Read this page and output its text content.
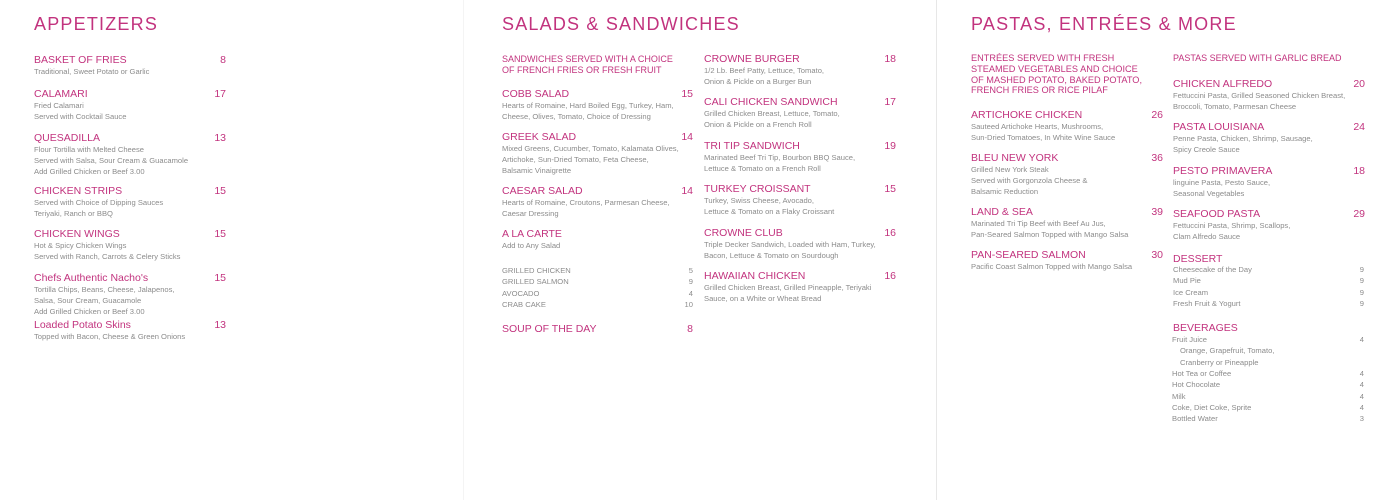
APPETIZERS
BASKET OF FRIES	8
Traditional, Sweet Potato or Garlic
CALAMARI	17
Fried Calamari
Served with Cocktail Sauce
QUESADILLA	13
Flour Tortilla with Melted Cheese
Served with Salsa, Sour Cream & Guacamole
Add Grilled Chicken or Beef 3.00
CHICKEN STRIPS	15
Served with Choice of Dipping Sauces
Teriyaki, Ranch or BBQ
CHICKEN WINGS	15
Hot & Spicy Chicken Wings
Served with Ranch, Carrots & Celery Sticks
Chefs Authentic Nacho's	15
Tortilla Chips, Beans, Cheese, Jalapenos,
Salsa, Sour Cream, Guacamole
Add Grilled Chicken or Beef 3.00
Loaded Potato Skins	13
Topped with Bacon, Cheese & Green Onions
SALADS & SANDWICHES
SANDWICHES SERVED WITH A CHOICE
OF FRENCH FRIES OR FRESH FRUIT
COBB SALAD	15
Hearts of Romaine, Hard Boiled Egg, Turkey, Ham,
Cheese, Olives, Tomato, Choice of Dressing
GREEK SALAD	14
Mixed Greens, Cucumber, Tomato, Kalamata Olives,
Artichoke, Sun-Dried Tomato, Feta Cheese,
Balsamic Vinaigrette
CAESAR SALAD	14
Hearts of Romaine, Croutons, Parmesan Cheese,
Caesar Dressing
A LA CARTE
Add to Any Salad
GRILLED CHICKEN	5
GRILLED SALMON	9
AVOCADO	4
CRAB CAKE	10
SOUP OF THE DAY	8
CROWNE BURGER	18
1/2 Lb. Beef Patty, Lettuce, Tomato,
Onion & Pickle on a Burger Bun
CALI CHICKEN SANDWICH	17
Grilled Chicken Breast, Lettuce, Tomato,
Onion & Pickle on a French Roll
TRI TIP SANDWICH	19
Marinated Beef Tri Tip, Bourbon BBQ Sauce,
Lettuce & Tomato on a French Roll
TURKEY CROISSANT	15
Turkey, Swiss Cheese, Avocado,
Lettuce & Tomato on a Flaky Croissant
CROWNE CLUB	16
Triple Decker Sandwich, Loaded with Ham, Turkey,
Bacon, Lettuce & Tomato on Sourdough
HAWAIIAN CHICKEN	16
Grilled Chicken Breast, Grilled Pineapple, Teriyaki
Sauce, on a White or Wheat Bread
PASTAS, ENTRÉES & MORE
ENTRÉES SERVED WITH FRESH
STEAMED VEGETABLES AND CHOICE
OF MASHED POTATO, BAKED POTATO,
FRENCH FRIES OR RICE PILAF
ARTICHOKE CHICKEN	26
Sauteed Artichoke Hearts, Mushrooms,
Sun-Dried Tomatoes, In White Wine Sauce
BLEU NEW YORK	36
Grilled New York Steak
Served with Gorgonzola Cheese &
Balsamic Reduction
LAND & SEA	39
Marinated Tri Tip Beef with Beef Au Jus,
Pan-Seared Salmon Topped with Mango Salsa
PAN-SEARED SALMON	30
Pacific Coast Salmon Topped with Mango Salsa
PASTAS SERVED WITH GARLIC BREAD
CHICKEN ALFREDO	20
Fettuccini Pasta, Grilled Seasoned Chicken Breast,
Broccoli, Tomato, Parmesan Cheese
PASTA LOUISIANA	24
Penne Pasta, Chicken, Shrimp, Sausage,
Spicy Creole Sauce
PESTO PRIMAVERA	18
linguine Pasta, Pesto Sauce,
Seasonal Vegetables
SEAFOOD PASTA	29
Fettuccini Pasta, Shrimp, Scallops,
Clam Alfredo Sauce
DESSERT
Cheesecake of the Day	9
Mud Pie	9
Ice Cream	9
Fresh Fruit & Yogurt	9
BEVERAGES
Fruit Juice	4
Orange, Grapefruit, Tomato,
Cranberry or Pineapple
Hot Tea or Coffee	4
Hot Chocolate	4
Milk	4
Coke, Diet Coke, Sprite	4
Bottled Water	3
